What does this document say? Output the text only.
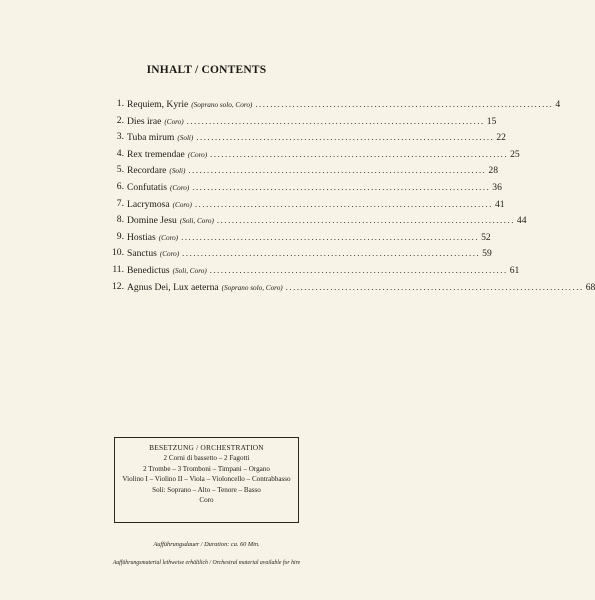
INHALT / CONTENTS
1. Requiem, Kyrie (Soprano solo, Coro) ................................................................................ 4
2. Dies irae (Coro) ................................................................................ 15
3. Tuba mirum (Soli) ................................................................................ 22
4. Rex tremendae (Coro) ................................................................................ 25
5. Recordare (Soli) ................................................................................ 28
6. Confutatis (Coro) ................................................................................ 36
7. Lacrymosa (Coro) ................................................................................ 41
8. Domine Jesu (Soli, Coro) ................................................................................ 44
9. Hostias (Coro) ................................................................................ 52
10. Sanctus (Coro) ................................................................................ 59
11. Benedictus (Soli, Coro) ................................................................................ 61
12. Agnus Dei, Lux aeterna (Soprano solo, Coro) ................................................................................ 68
BESETZUNG / ORCHESTRATION
2 Corni di bassetto – 2 Fagotti
2 Trombe – 3 Tromboni – Timpani – Organo
Violino I – Violino II – Viola – Violoncello – Contrabbasso
Soli: Soprano – Alto – Tenore – Basso
Coro
Aufführungsdauer / Duration: ca. 60 Min.
Aufführungsmaterial leihweise erhältlich / Orchestral material available for hire
